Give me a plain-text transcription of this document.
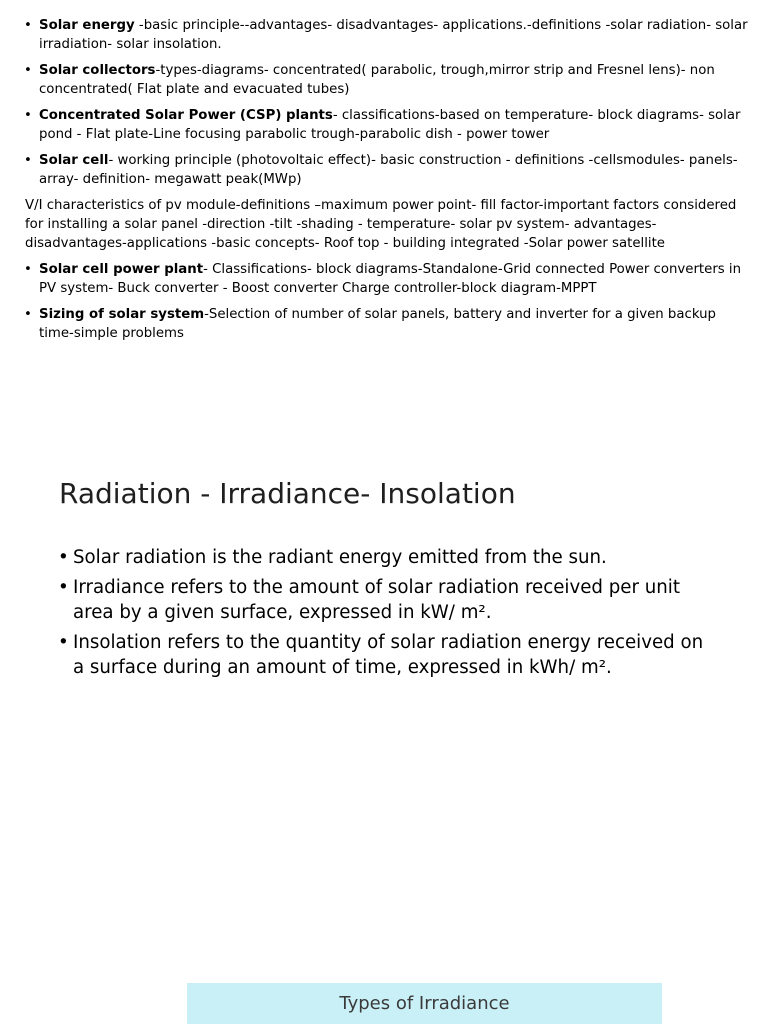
• Solar energy -basic principle--advantages- disadvantages- applications.-definitions -solar radiation- solar irradiation- solar insolation.
• Solar collectors-types-diagrams- concentrated( parabolic, trough,mirror strip and Fresnel lens)- non concentrated( Flat plate and evacuated tubes)
• Concentrated Solar Power (CSP) plants- classifications-based on temperature- block diagrams- solar pond - Flat plate-Line focusing parabolic trough-parabolic dish - power tower
• Solar cell- working principle (photovoltaic effect)- basic construction - definitions -cellsmodules- panels-array- definition- megawatt peak(MWp)

V/I characteristics of pv module-definitions –maximum power point- fill factor-important factors considered for installing a solar panel -direction -tilt -shading - temperature- solar pv system- advantages- disadvantages-applications -basic concepts- Roof top - building integrated -Solar power satellite

• Solar cell power plant- Classifications- block diagrams-Standalone-Grid connected Power converters in PV system- Buck converter - Boost converter Charge controller-block diagram-MPPT
• Sizing of solar system-Selection of number of solar panels, battery and inverter for a given backup time-simple problems
Radiation - Irradiance- Insolation
• Solar radiation is the radiant energy emitted from the sun.
• Irradiance refers to the amount of solar radiation received per unit area by a given surface, expressed in kW/ m².
• Insolation refers to the quantity of solar radiation energy received on a surface during an amount of time, expressed in kWh/ m².
Types of Irradiance
